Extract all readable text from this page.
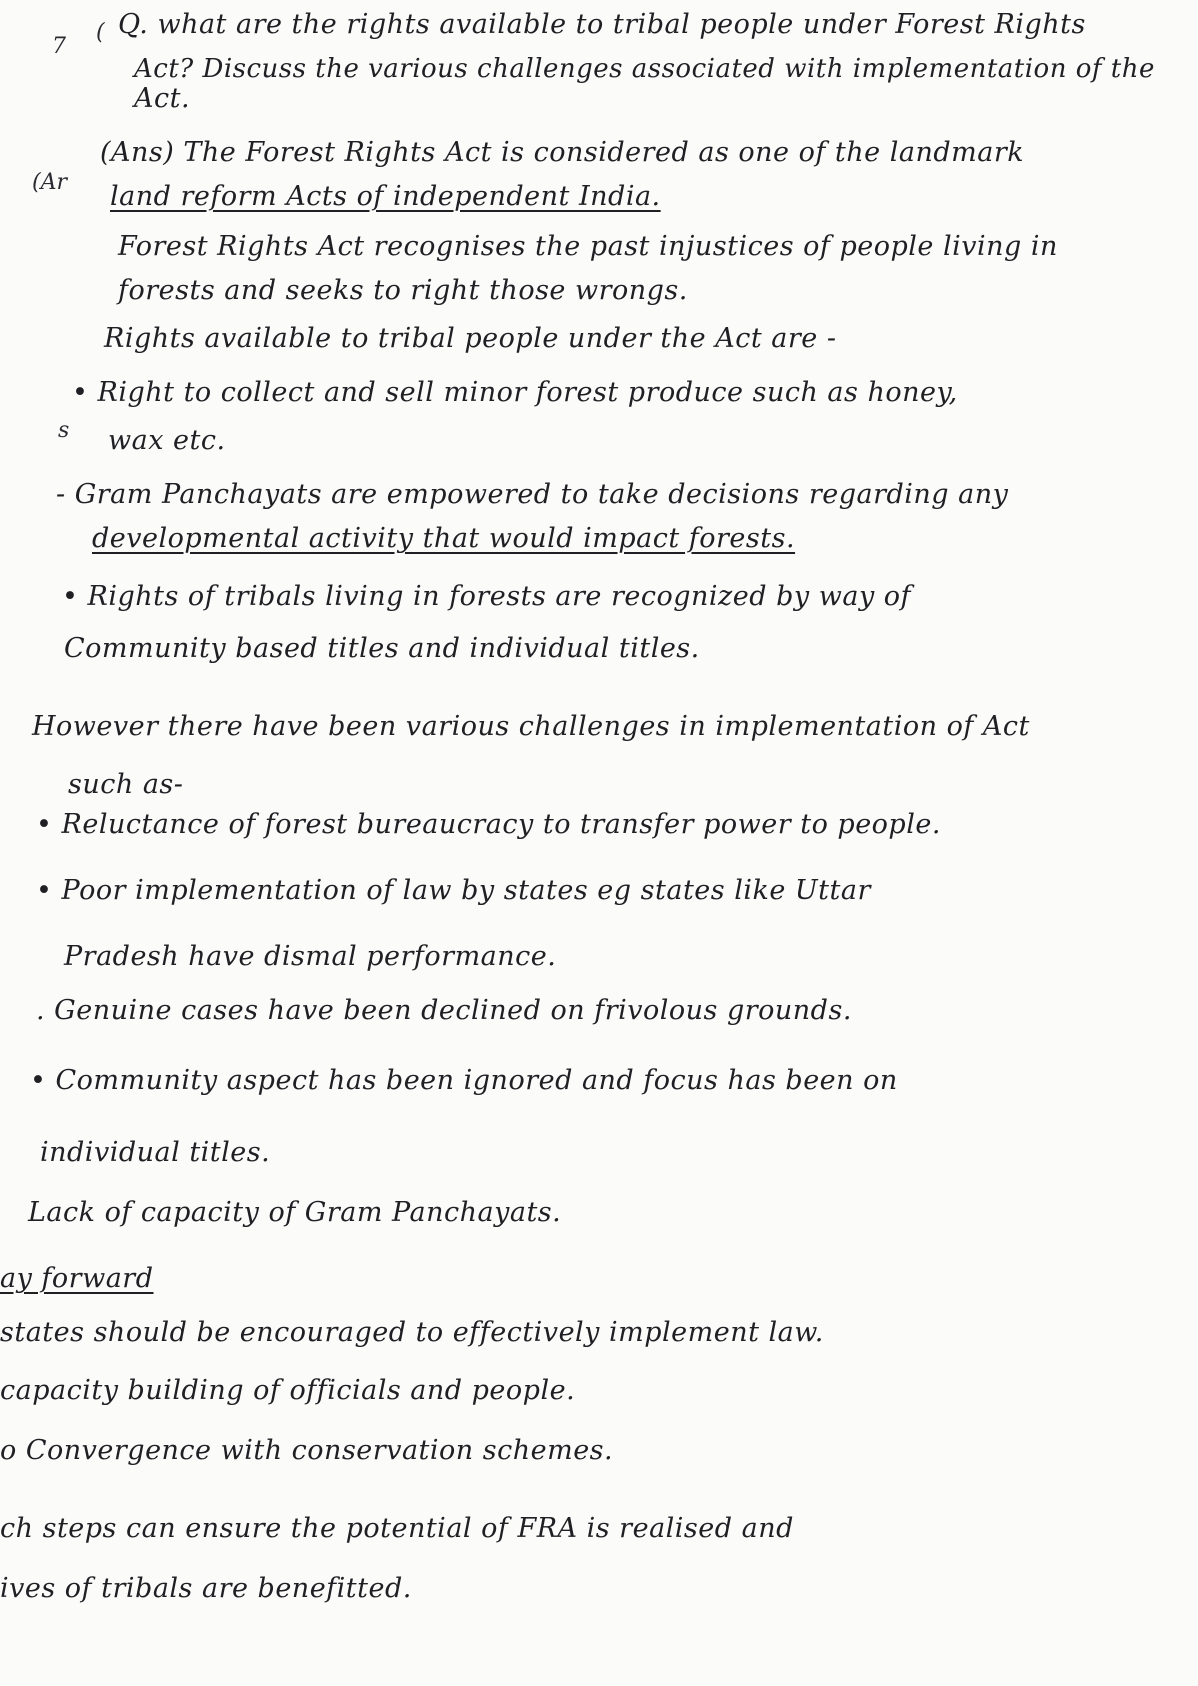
7
(
(Ar
s
Q. what are the rights available to tribal people under Forest Rights
Act? Discuss the various challenges associated with implementation of the
Act.
(Ans) The Forest Rights Act is considered as one of the landmark
land reform Acts of independent India.
Forest Rights Act recognises the past injustices of people living in
forests and seeks to right those wrongs.
Rights available to tribal people under the Act are -
• Right to collect and sell minor forest produce such as honey,
wax etc.
- Gram Panchayats are empowered to take decisions regarding any
developmental activity that would impact forests.
• Rights of tribals living in forests are recognized by way of
Community based titles and individual titles.
However there have been various challenges in implementation of Act
such as-
• Reluctance of forest bureaucracy to transfer power to people.
• Poor implementation of law by states eg states like Uttar
Pradesh have dismal performance.
. Genuine cases have been declined on frivolous grounds.
• Community aspect has been ignored and focus has been on
individual titles.
Lack of capacity of Gram Panchayats.
ay forward
states should be encouraged to effectively implement law.
capacity building of officials and people.
o Convergence with conservation schemes.
ch steps can ensure the potential of FRA is realised and
ives of tribals are benefitted.
